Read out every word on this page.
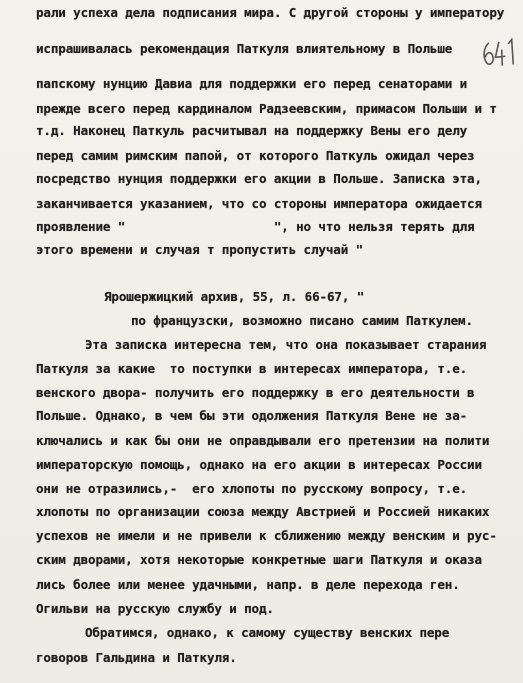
рали успеха дела подписания мира. С другой стороны у императору
испрашивалась рекомендация Паткуля влиятельному в Польше
папскому нунцию Давиа для поддержки его перед сенаторами и
прежде всего перед кардиналом Радзеевским, примасом Польши и т
т.д. Наконец Паткуль расчитывал на поддержку Вены его делу
перед самим римским папой, от которого Паткуль ожидал через
посредство нунция поддержки его акции в Польше. Записка эта,
заканчивается указанием, что со стороны императора ожидается
проявление "                    ", но что нельзя терять для
этого времени и случая т пропустить случай "
Ярошержицкий архив, 55, л. 66-67, "
по французски, возможно писано самим Паткулем.
Эта записка интересна тем, что она показывает старания
Паткуля за какие  то поступки в интересах императора, т.е.
венского двора- получить его поддержку в его деятельности в
Польше. Однако, в чем бы эти одолжения Паткуля Вене не за-
ключались и как бы они не оправдывали его претензии на полити
императорскую помощь, однако на его акции в интересах России
они не отразились,-  его хлопоты по русскому вопросу, т.е.
хлопоты по организации союза между Австрией и Россией никаких
успехов не имели и не привели к сближению между венским и рус-
ским дворами, хотя некоторые конкретные шаги Паткуля и оказа
лись более или менее удачными, напр. в деле перехода ген.
Огильви на русскую службу и под.
Обратимся, однако, к самому существу венских пере
говоров Гальдина и Паткуля.
